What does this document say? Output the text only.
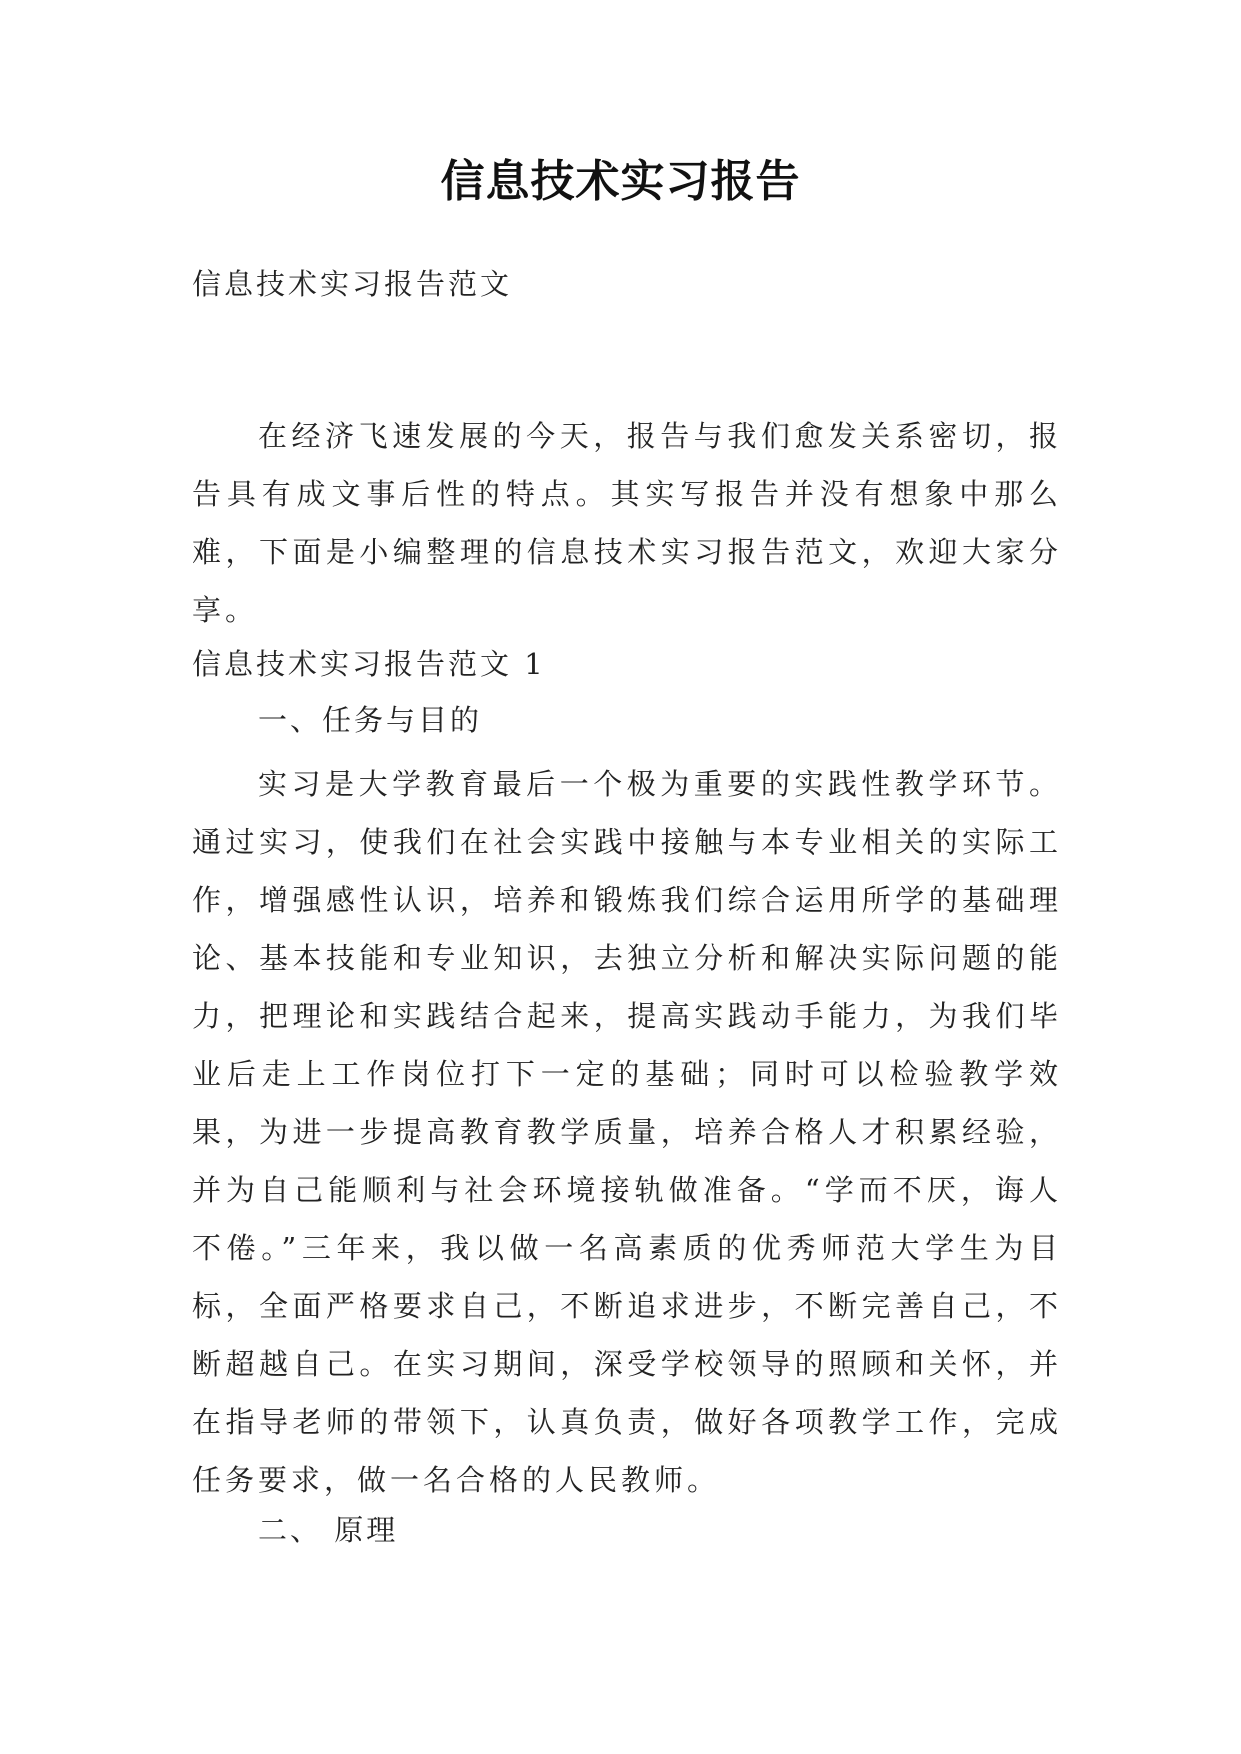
信息技术实习报告
信息技术实习报告范文
在经济飞速发展的今天，报告与我们愈发关系密切，报告具有成文事后性的特点。其实写报告并没有想象中那么难，下面是小编整理的信息技术实习报告范文，欢迎大家分享。
信息技术实习报告范文 1
一、任务与目的
实习是大学教育最后一个极为重要的实践性教学环节。通过实习，使我们在社会实践中接触与本专业相关的实际工作，增强感性认识，培养和锻炼我们综合运用所学的基础理论、基本技能和专业知识，去独立分析和解决实际问题的能力，把理论和实践结合起来，提高实践动手能力，为我们毕业后走上工作岗位打下一定的基础；同时可以检验教学效果，为进一步提高教育教学质量，培养合格人才积累经验，并为自己能顺利与社会环境接轨做准备。“学而不厌，诲人不倦。”三年来，我以做一名高素质的优秀师范大学生为目标，全面严格要求自己，不断追求进步，不断完善自己，不断超越自己。在实习期间，深受学校领导的照顾和关怀，并在指导老师的带领下，认真负责，做好各项教学工作，完成任务要求，做一名合格的人民教师。
二、 原理
